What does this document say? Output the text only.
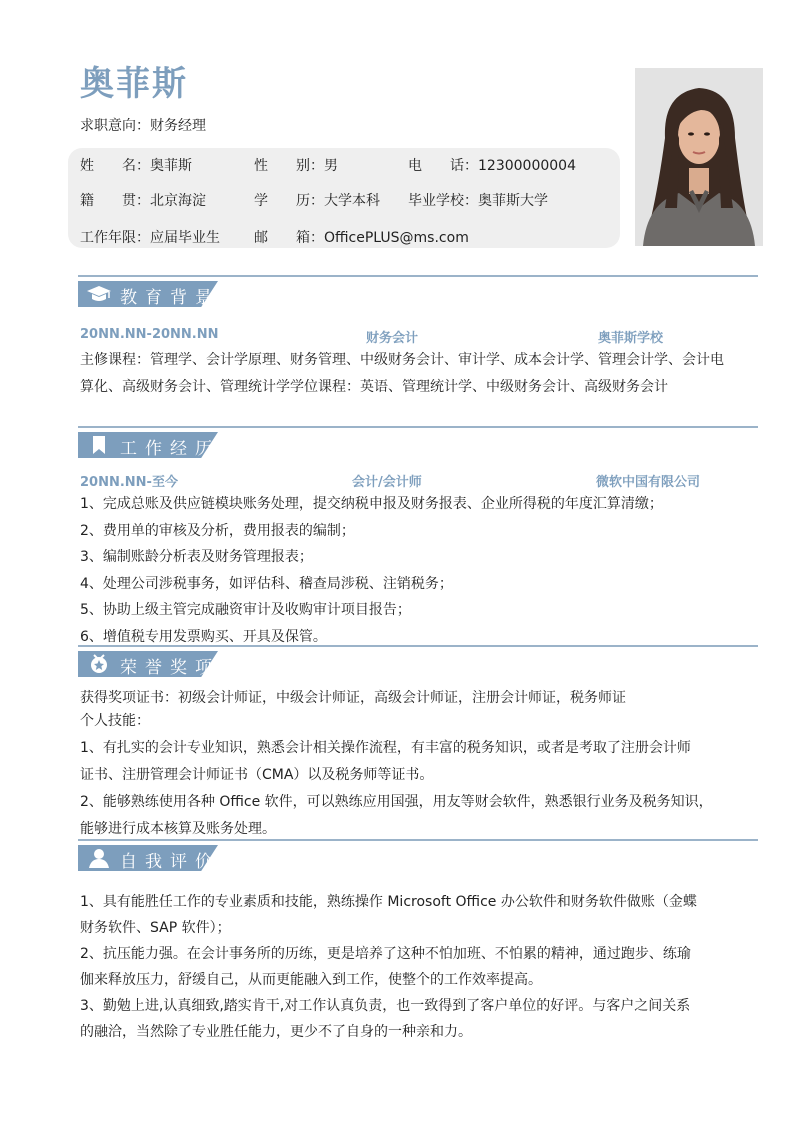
奥菲斯
求职意向：财务经理
姓　　名：奥菲斯	性　　别：男	电　　话：12300000004
籍　　贯：北京海淀	学　　历：大学本科 毕业学校：奥菲斯大学
工作年限：应届毕业生 邮　　箱：OfficePLUS@ms.com
教育背景
20NN.NN-20NN.NN	财务会计	奥菲斯学校
主修课程：管理学、会计学原理、财务管理、中级财务会计、审计学、成本会计学、管理会计学、会计电
算化、高级财务会计、管理统计学学位课程：英语、管理统计学、中级财务会计、高级财务会计
工作经历
20NN.NN-至今	会计/会计师	微软中国有限公司
1、完成总账及供应链模块账务处理，提交纳税申报及财务报表、企业所得税的年度汇算清缴；
2、费用单的审核及分析，费用报表的编制；
3、编制账龄分析表及财务管理报表；
4、处理公司涉税事务，如评估科、稽查局涉税、注销税务；
5、协助上级主管完成融资审计及收购审计项目报告；
6、增值税专用发票购买、开具及保管。
荣誉奖项
获得奖项证书：初级会计师证，中级会计师证，高级会计师证，注册会计师证，税务师证
个人技能：
1、有扎实的会计专业知识，熟悉会计相关操作流程，有丰富的税务知识，或者是考取了注册会计师
证书、注册管理会计师证书（CMA）以及税务师等证书。
2、能够熟练使用各种 Office 软件，可以熟练应用国强，用友等财会软件，熟悉银行业务及税务知识，
能够进行成本核算及账务处理。
自我评价
1、具有能胜任工作的专业素质和技能，熟练操作 Microsoft Office 办公软件和财务软件做账（金蝶
财务软件、SAP 软件）；
2、抗压能力强。在会计事务所的历练，更是培养了这种不怕加班、不怕累的精神，通过跑步、练瑜
伽来释放压力，舒缓自己，从而更能融入到工作，使整个的工作效率提高。
3、勤勉上进,认真细致,踏实肯干,对工作认真负责，也一致得到了客户单位的好评。与客户之间关系
的融洽，当然除了专业胜任能力，更少不了自身的一种亲和力。
